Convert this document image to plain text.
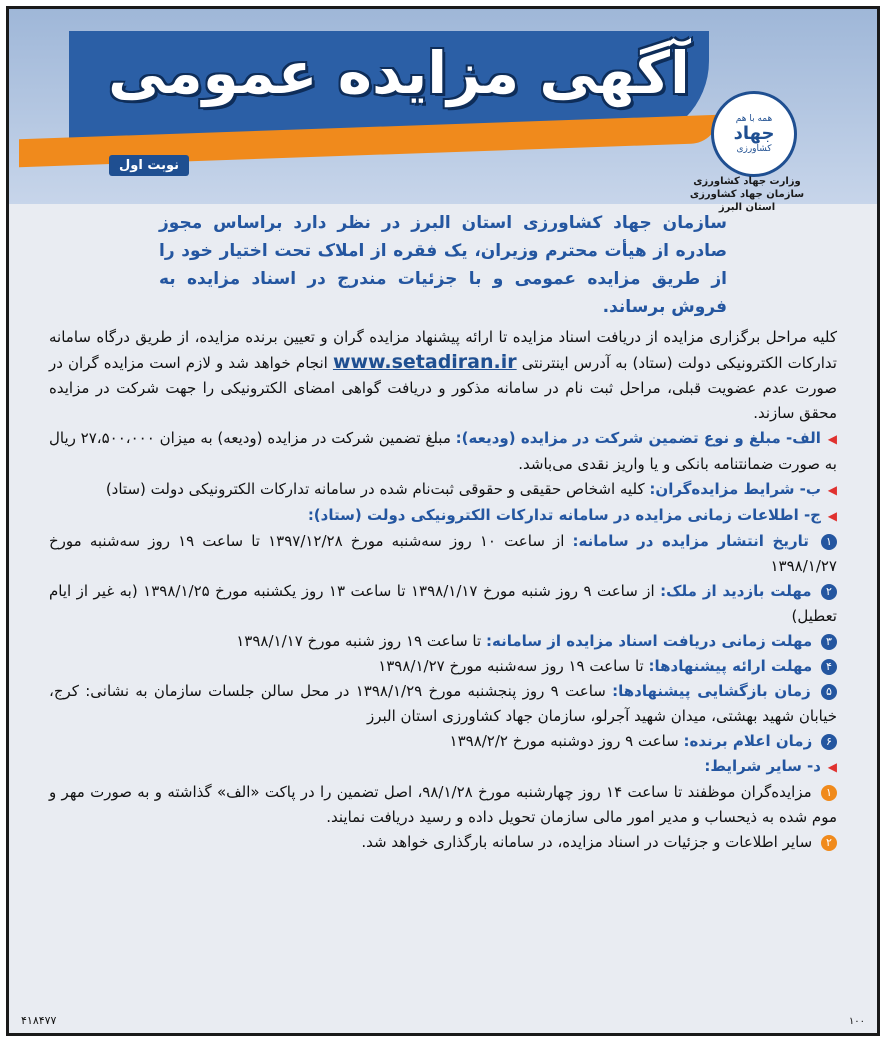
آگهی مزایده عمومی
نوبت اول
همه با هم
جهاد
کشاورزی
وزارت جهاد کشاورزی
سازمان جهاد کشاورزی
استان البرز
سازمان جهاد کشاورزی استان البرز در نظر دارد براساس مجوز صادره از هیأت محترم وزیران، یک فقره از املاک تحت اختیار خود را از طریق مزایده عمومی و با جزئیات مندرج در اسناد مزایده به فروش برساند.

کلیه مراحل برگزاری مزایده از دریافت اسناد مزایده تا ارائه پیشنهاد مزایده گران و تعیین برنده مزایده، از طریق درگاه سامانه تدارکات الکترونیکی دولت (ستاد) به آدرس اینترنتی www.setadiran.ir انجام خواهد شد و لازم است مزایده گران در صورت عدم عضویت قبلی، مراحل ثبت نام در سامانه مذکور و دریافت گواهی امضای الکترونیکی را جهت شرکت در مزایده محقق سازند.

◀ الف- مبلغ و نوع تضمین شرکت در مزایده (ودیعه): مبلغ تضمین شرکت در مزایده (ودیعه) به میزان ۲۷،۵۰۰،۰۰۰ ریال به صورت ضمانتنامه بانکی و یا واریز نقدی می‌باشد.

◀ ب- شرایط مزایده‌گران: کلیه اشخاص حقیقی و حقوقی ثبت‌نام شده در سامانه تدارکات الکترونیکی دولت (ستاد)

◀ ج- اطلاعات زمانی مزایده در سامانه تدارکات الکترونیکی دولت (ستاد):

۱ تاریخ انتشار مزایده در سامانه: از ساعت ۱۰ روز سه‌شنبه مورخ ۱۳۹۷/۱۲/۲۸ تا ساعت ۱۹ روز سه‌شنبه مورخ ۱۳۹۸/۱/۲۷

۲ مهلت بازدید از ملک: از ساعت ۹ روز شنبه مورخ ۱۳۹۸/۱/۱۷ تا ساعت ۱۳ روز یکشنبه مورخ ۱۳۹۸/۱/۲۵ (به غیر از ایام تعطیل)

۳ مهلت زمانی دریافت اسناد مزایده از سامانه: تا ساعت ۱۹ روز شنبه مورخ ۱۳۹۸/۱/۱۷

۴ مهلت ارائه پیشنهادها: تا ساعت ۱۹ روز سه‌شنبه مورخ ۱۳۹۸/۱/۲۷

۵ زمان بازگشایی پیشنهادها: ساعت ۹ روز پنجشنبه مورخ ۱۳۹۸/۱/۲۹ در محل سالن جلسات سازمان به نشانی: کرج، خیابان شهید بهشتی، میدان شهید آجرلو، سازمان جهاد کشاورزی استان البرز

۶ زمان اعلام برنده: ساعت ۹ روز دوشنبه مورخ ۱۳۹۸/۲/۲

◀ د- سایر شرایط:

۱ مزایده‌گران موظفند تا ساعت ۱۴ روز چهارشنبه مورخ ۹۸/۱/۲۸، اصل تضمین را در پاکت «الف» گذاشته و به صورت مهر و موم شده به ذیحساب و مدیر امور مالی سازمان تحویل داده و رسید دریافت نمایند.

۲ سایر اطلاعات و جزئیات در اسناد مزایده، در سامانه بارگذاری خواهد شد.

۴۱۸۴۷۷	۱۰۰
